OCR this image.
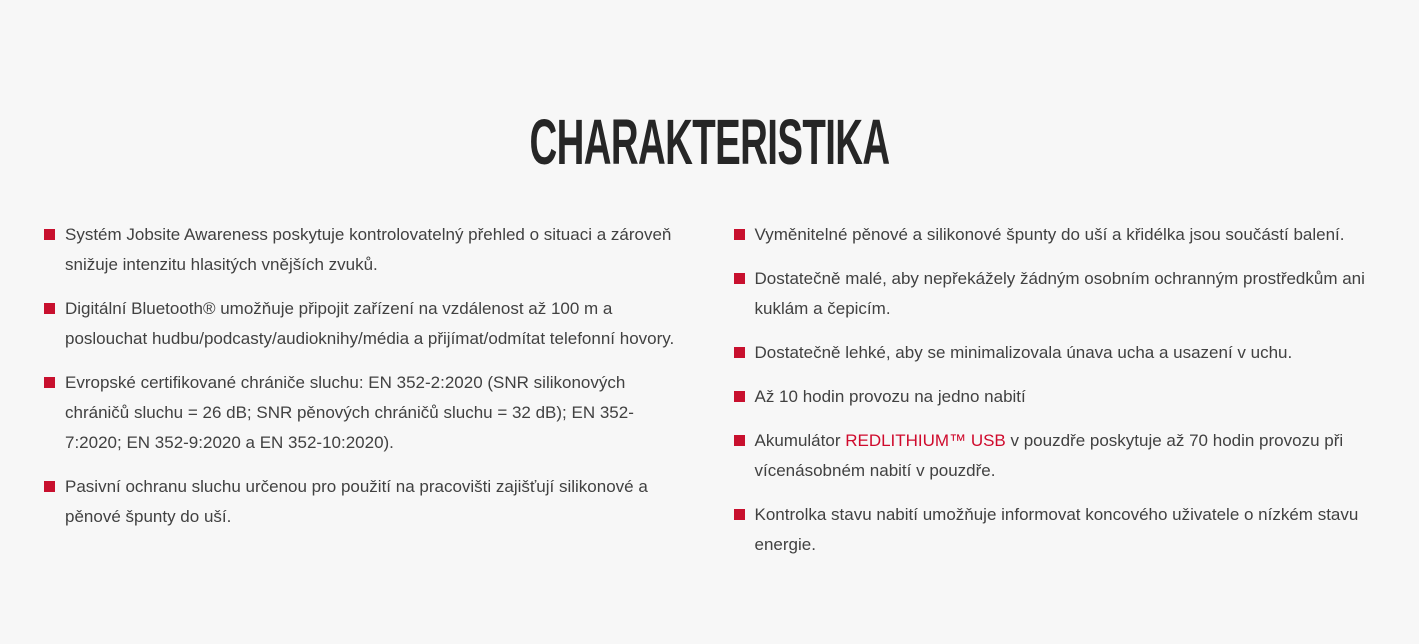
CHARAKTERISTIKA
Systém Jobsite Awareness poskytuje kontrolovatelný přehled o situaci a zároveň snižuje intenzitu hlasitých vnějších zvuků.
Digitální Bluetooth® umožňuje připojit zařízení na vzdálenost až 100 m a poslouchat hudbu/podcasty/audioknihy/média a přijímat/odmítat telefonní hovory.
Evropské certifikované chrániče sluchu: EN 352-2:2020 (SNR silikonových chráničů sluchu = 26 dB; SNR pěnových chráničů sluchu = 32 dB); EN 352-7:2020; EN 352-9:2020 a EN 352-10:2020).
Pasivní ochranu sluchu určenou pro použití na pracovišti zajišťují silikonové a pěnové špunty do uší.
Vyměnitelné pěnové a silikonové špunty do uší a křidélka jsou součástí balení.
Dostatečně malé, aby nepřekážely žádným osobním ochranným prostředkům ani kuklám a čepicím.
Dostatečně lehké, aby se minimalizovala únava ucha a usazení v uchu.
Až 10 hodin provozu na jedno nabití
Akumulátor REDLITHIUM™ USB v pouzdře poskytuje až 70 hodin provozu při vícenásobném nabití v pouzdře.
Kontrolka stavu nabití umožňuje informovat koncového uživatele o nízkém stavu energie.
